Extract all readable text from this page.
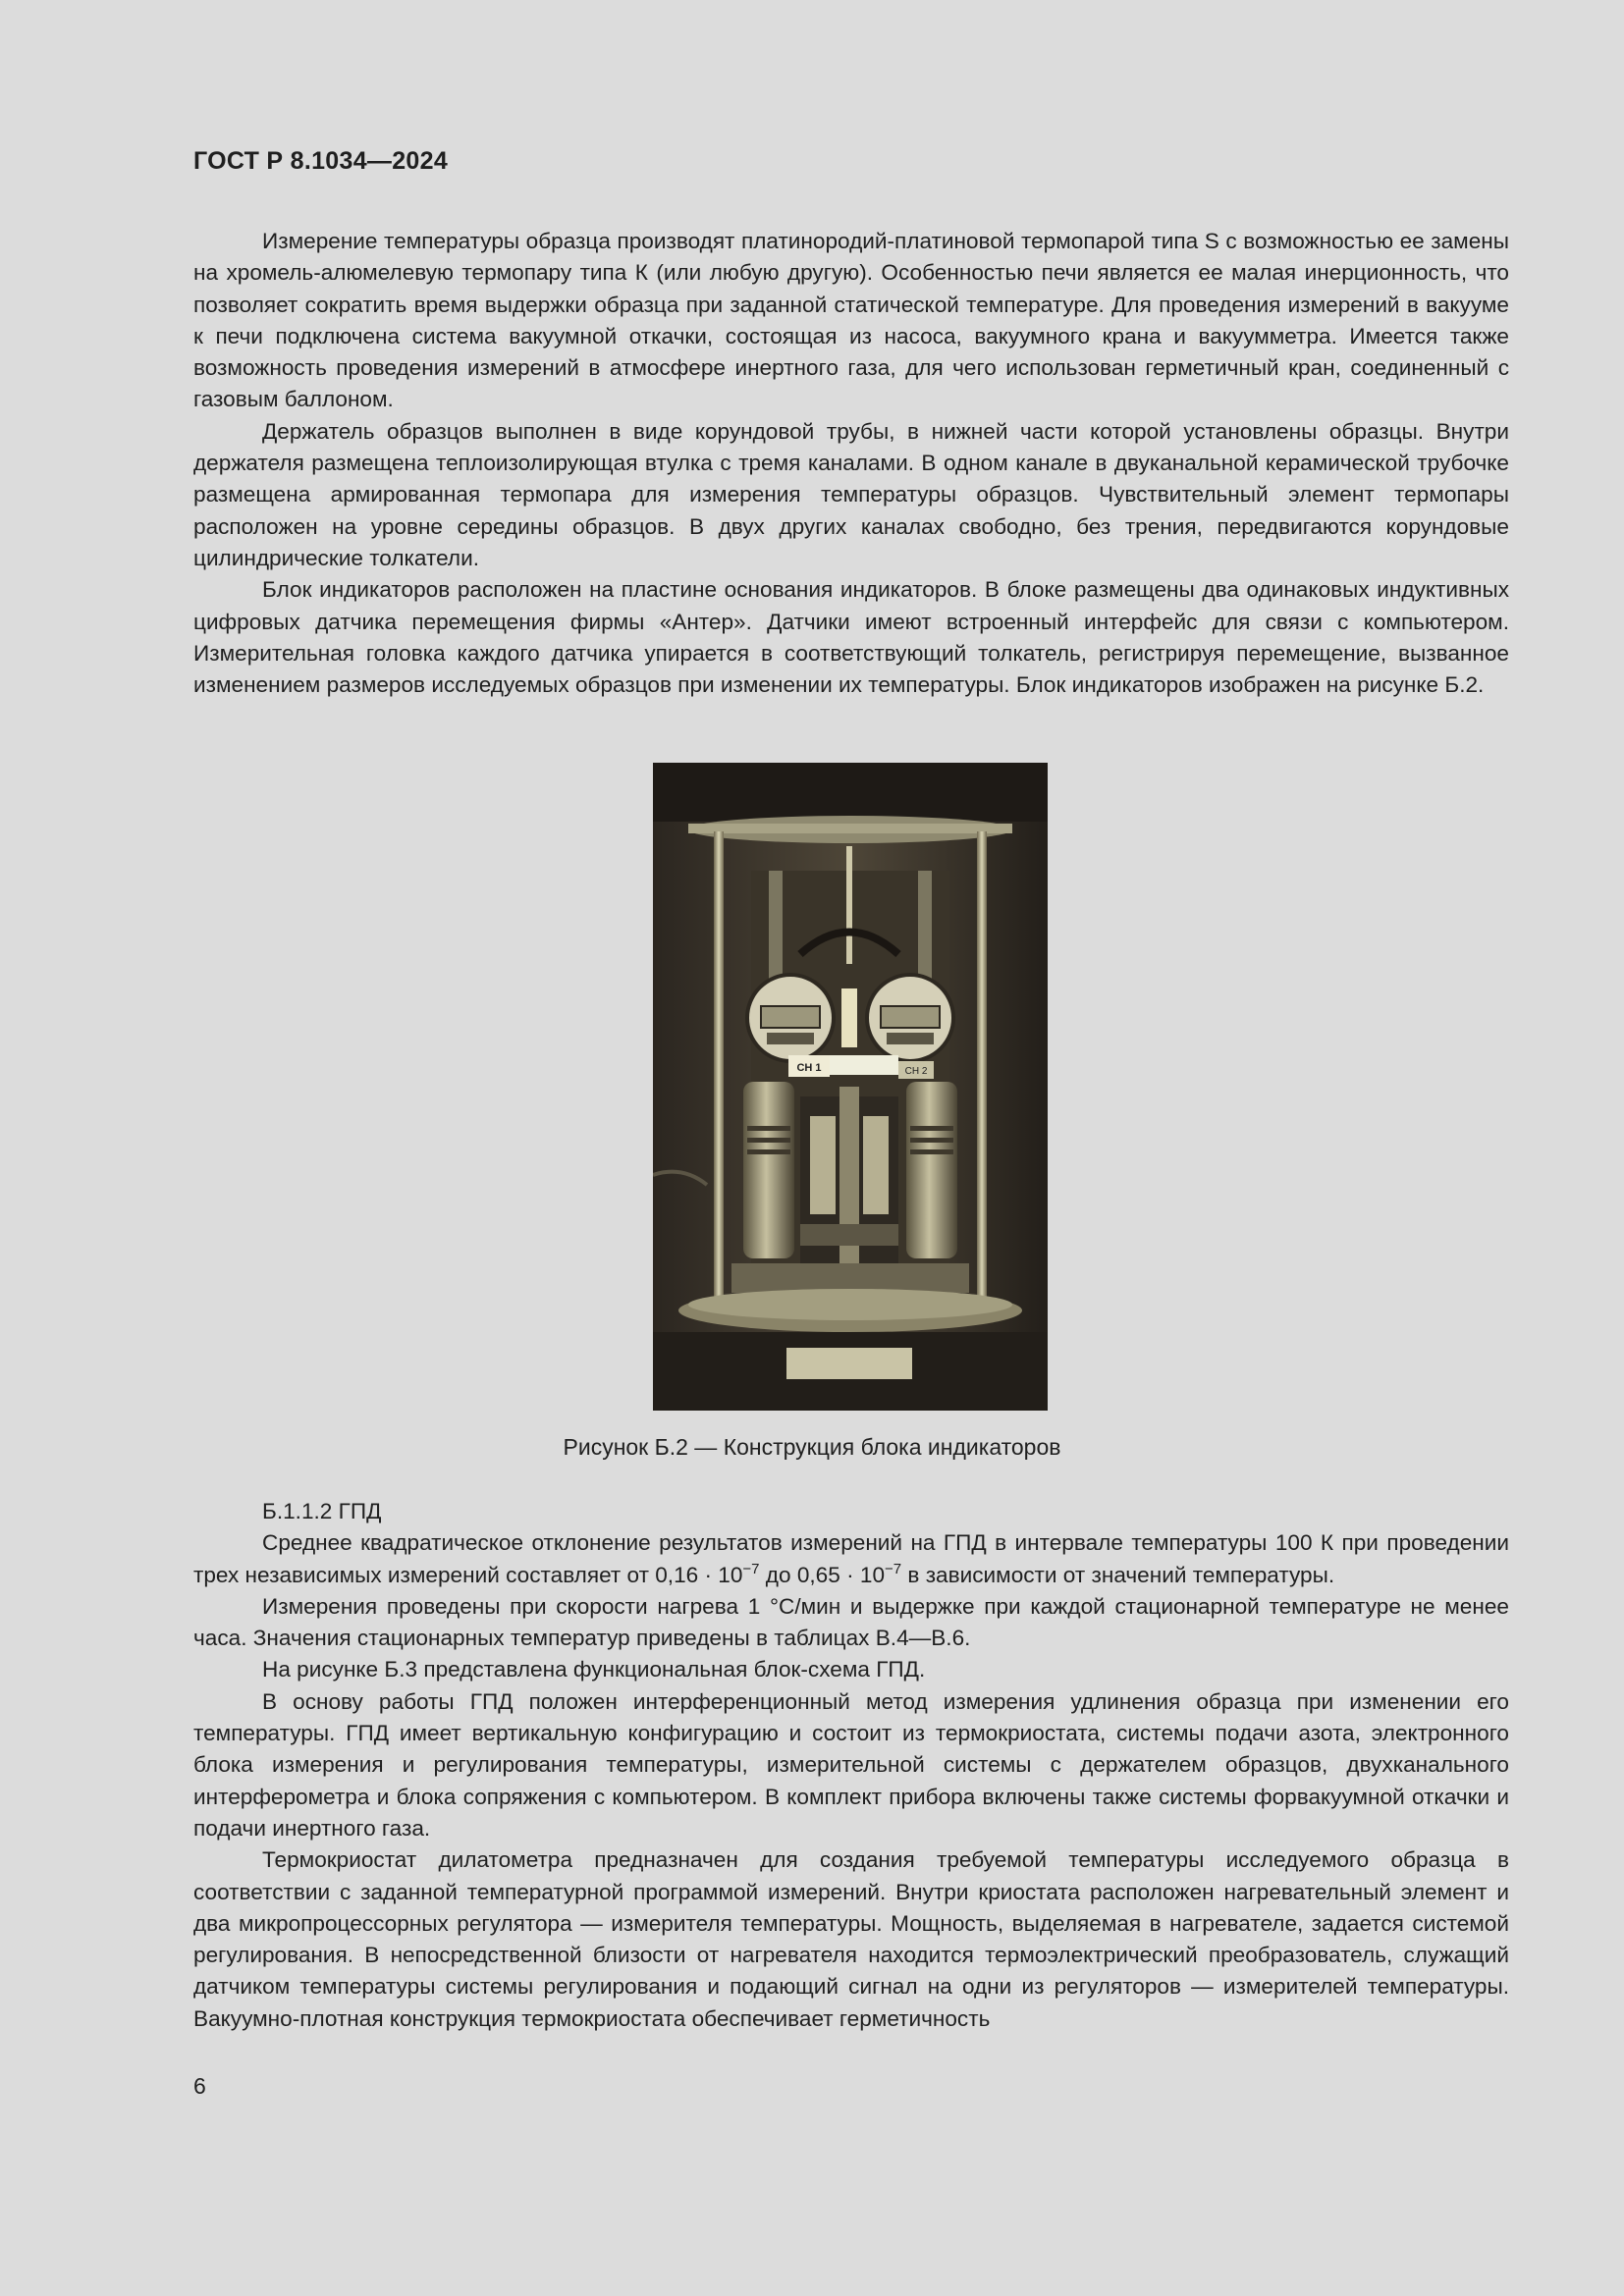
ГОСТ Р 8.1034—2024

Измерение температуры образца производят платинородий-платиновой термопарой типа S с возможностью ее замены на хромель-алюмелевую термопару типа К (или любую другую). Особенностью печи является ее малая инерционность, что позволяет сократить время выдержки образца при заданной статической температуре. Для проведения измерений в вакууме к печи подключена система вакуумной откачки, состоящая из насоса, вакуумного крана и вакуумметра. Имеется также возможность проведения измерений в атмосфере инертного газа, для чего использован герметичный кран, соединенный с газовым баллоном.

Держатель образцов выполнен в виде корундовой трубы, в нижней части которой установлены образцы. Внутри держателя размещена теплоизолирующая втулка с тремя каналами. В одном канале в двуканальной керамической трубочке размещена армированная термопара для измерения температуры образцов. Чувствительный элемент термопары расположен на уровне середины образцов. В двух других каналах свободно, без трения, передвигаются корундовые цилиндрические толкатели.

Блок индикаторов расположен на пластине основания индикаторов. В блоке размещены два одинаковых индуктивных цифровых датчика перемещения фирмы «Антер». Датчики имеют встроенный интерфейс для связи с компьютером. Измерительная головка каждого датчика упирается в соответствующий толкатель, регистрируя перемещение, вызванное изменением размеров исследуемых образцов при изменении их температуры. Блок индикаторов изображен на рисунке Б.2.

CH 1	CH 2
Рисунок Б.2 — Конструкция блока индикаторов

Б.1.1.2 ГПД

Среднее квадратическое отклонение результатов измерений на ГПД в интервале температуры 100 К при проведении трех независимых измерений составляет от $0,16 \cdot 10^{-7}$ до $0,65 \cdot 10^{-7}$ в зависимости от значений температуры.

Измерения проведены при скорости нагрева 1 °С/мин и выдержке при каждой стационарной температуре не менее часа. Значения стационарных температур приведены в таблицах В.4—В.6.

На рисунке Б.3 представлена функциональная блок-схема ГПД.

В основу работы ГПД положен интерференционный метод измерения удлинения образца при изменении его температуры. ГПД имеет вертикальную конфигурацию и состоит из термокриостата, системы подачи азота, электронного блока измерения и регулирования температуры, измерительной системы с держателем образцов, двухканального интерферометра и блока сопряжения с компьютером. В комплект прибора включены также системы форвакуумной откачки и подачи инертного газа.

Термокриостат дилатометра предназначен для создания требуемой температуры исследуемого образца в соответствии с заданной температурной программой измерений. Внутри криостата расположен нагревательный элемент и два микропроцессорных регулятора — измерителя температуры. Мощность, выделяемая в нагревателе, задается системой регулирования. В непосредственной близости от нагревателя находится термоэлектрический преобразователь, служащий датчиком температуры системы регулирования и подающий сигнал на одни из регуляторов — измерителей температуры. Вакуумно-плотная конструкция термокриостата обеспечивает герметичность

6
